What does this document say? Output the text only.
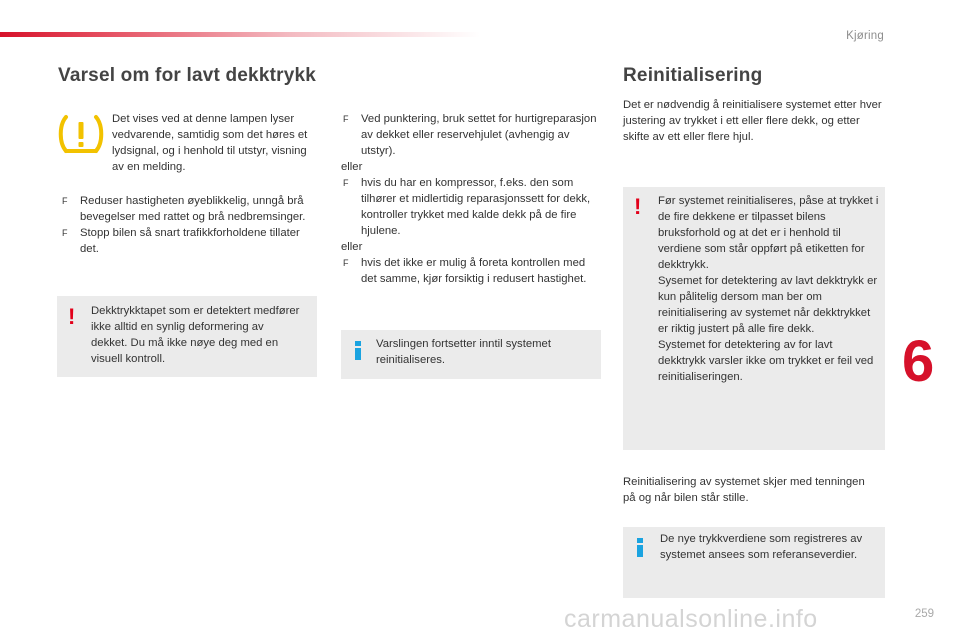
Kjøring
Varsel om for lavt dekktrykk

Det vises ved at denne lampen lyser vedvarende, samtidig som det høres et lydsignal, og i henhold til utstyr, visning av en melding.

F Reduser hastigheten øyeblikkelig, unngå brå bevegelser med rattet og brå nedbremsinger.
F Stopp bilen så snart trafikkforholdene tillater det.
! Dekktrykktapet som er detektert medfører ikke alltid en synlig deformering av dekket. Du må ikke nøye deg med en visuell kontroll.

F Ved punktering, bruk settet for hurtigreparasjon av dekket eller reservehjulet (avhengig av utstyr).
eller
F hvis du har en kompressor, f.eks. den som tilhører et midlertidig reparasjonssett for dekk, kontroller trykket med kalde dekk på de fire hjulene.
eller
F hvis det ikke er mulig å foreta kontrollen med det samme, kjør forsiktig i redusert hastighet.

Varslingen fortsetter inntil systemet reinitialiseres.

Reinitialisering

Det er nødvendig å reinitialisere systemet etter hver justering av trykket i ett eller flere dekk, og etter skifte av ett eller flere hjul.

! Før systemet reinitialiseres, påse at trykket i de fire dekkene er tilpasset bilens bruksforhold og at det er i henhold til verdiene som står oppført på etiketten for dekktrykk.

Sysemet for detektering av lavt dekktrykk er kun pålitelig dersom man ber om reinitialisering av systemet når dekktrykket er riktig justert på alle fire dekk.

Systemet for detektering av for lavt dekktrykk varsler ikke om trykket er feil ved reinitialiseringen.

Reinitialisering av systemet skjer med tenningen på og når bilen står stille.

De nye trykkverdiene som registreres av systemet ansees som referanseverdier.

6
carmanualsonline.info	259
